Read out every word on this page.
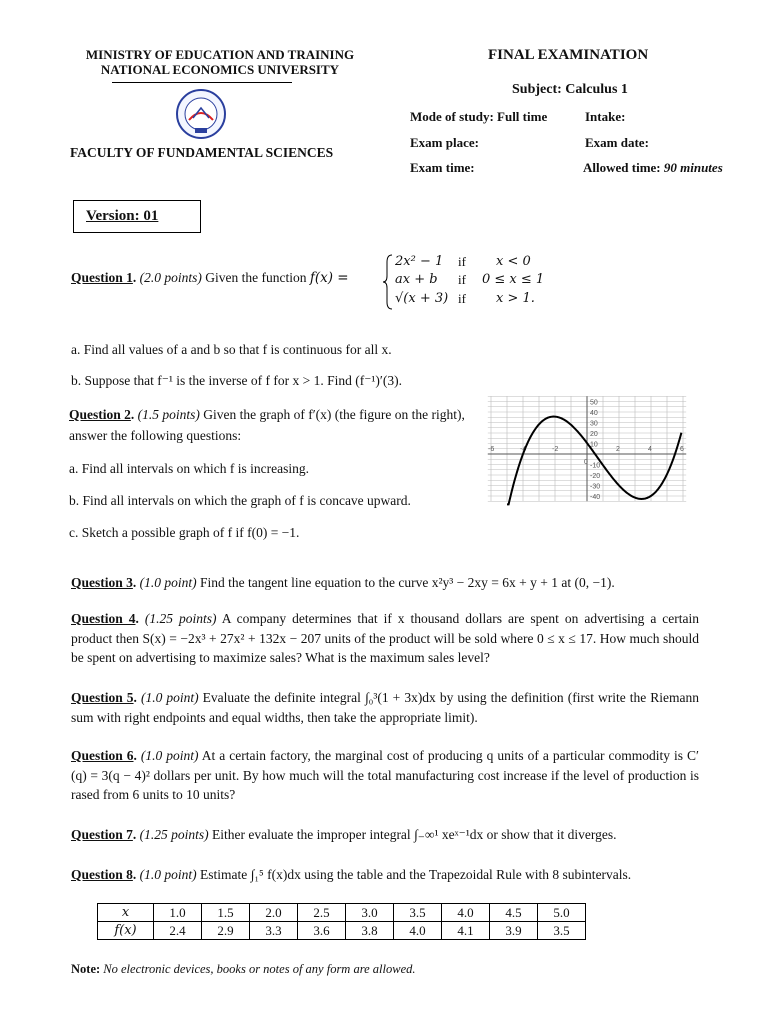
MINISTRY OF EDUCATION AND TRAINING
NATIONAL ECONOMICS UNIVERSITY
FACULTY OF FUNDAMENTAL SCIENCES
FINAL EXAMINATION
Subject: Calculus 1
Mode of study: Full time	Intake:
Exam place:	Exam date:
Exam time:	Allowed time: 90 minutes
Version: 01
Question 1. (2.0 points) Given the function f(x) =
2x² − 1 if x < 0
ax + b if 0 ≤ x ≤ 1
√(x + 3) if x > 1.
a. Find all values of a and b so that f is continuous for all x.
b. Suppose that f⁻¹ is the inverse of f for x > 1. Find (f⁻¹)′(3).
Question 2. (1.5 points) Given the graph of f′(x) (the figure on the right), answer the following questions:
a. Find all intervals on which f is increasing.
b. Find all intervals on which the graph of f is concave upward.
c. Sketch a possible graph of f if f(0) = −1.
-6	-4	-2
0
2	4	6
50
40
30
20
10
-10
-20
-30
-40
Question 3. (1.0 point) Find the tangent line equation to the curve x²y³ − 2xy = 6x + y + 1 at (0, −1).
Question 4. (1.25 points) A company determines that if x thousand dollars are spent on advertising a certain product then S(x) = −2x³ + 27x² + 132x − 207 units of the product will be sold where 0 ≤ x ≤ 17. How much should be spent on advertising to maximize sales? What is the maximum sales level?
Question 5. (1.0 point) Evaluate the definite integral ∫₀³(1 + 3x)dx by using the definition (first write the Riemann sum with right endpoints and equal widths, then take the appropriate limit).
Question 6. (1.0 point) At a certain factory, the marginal cost of producing q units of a particular commodity is C′(q) = 3(q − 4)² dollars per unit. By how much will the total manufacturing cost increase if the level of production is rased from 6 units to 10 units?
Question 7. (1.25 points) Either evaluate the improper integral ∫₋∞¹ xeˣ⁻¹dx or show that it diverges.
Question 8. (1.0 point) Estimate ∫₁⁵ f(x)dx using the table and the Trapezoidal Rule with 8 subintervals.
x	1.0	1.5	2.0	2.5	3.0	3.5	4.0	4.5	5.0
f(x)	2.4	2.9	3.3	3.6	3.8	4.0	4.1	3.9	3.5
Note: No electronic devices, books or notes of any form are allowed.
